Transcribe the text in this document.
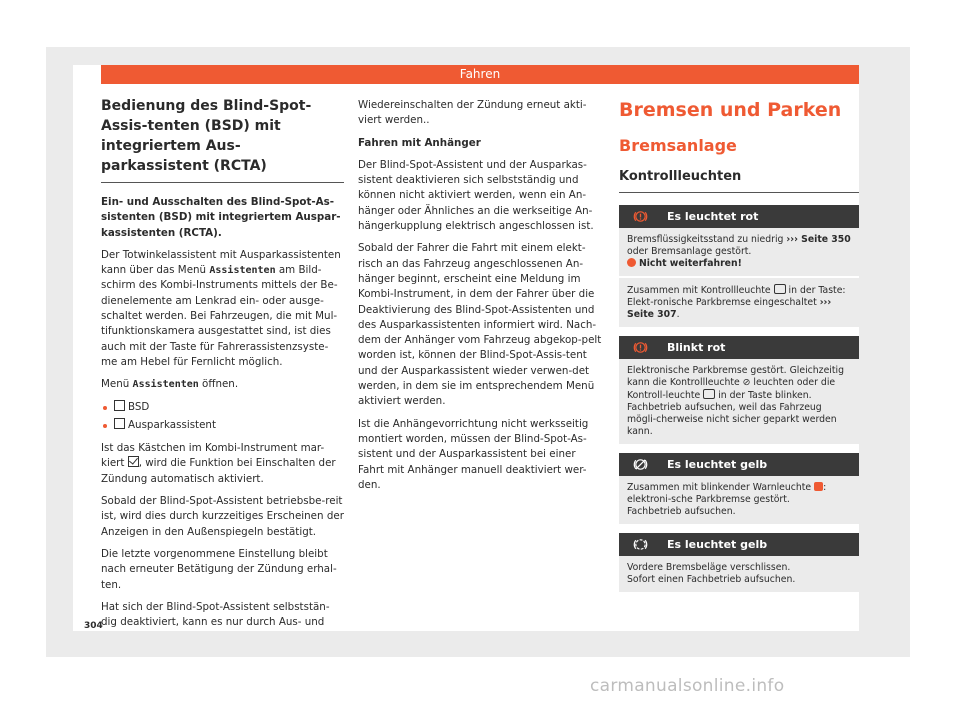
Fahren
Bedienung des Blind-Spot-Assis-tenten (BSD) mit integriertem Aus-parkassistent (RCTA)

Ein- und Ausschalten des Blind-Spot-As-sistenten (BSD) mit integriertem Auspar-kassistenten (RCTA).

Der Totwinkelassistent mit Ausparkassistenten kann über das Menü Assistenten am Bild-schirm des Kombi-Instruments mittels der Be-dienelemente am Lenkrad ein- oder ausge-schaltet werden. Bei Fahrzeugen, die mit Mul-tifunktionskamera ausgestattet sind, ist dies auch mit der Taste für Fahrerassistenzsyste-me am Hebel für Fernlicht möglich.

Menü Assistenten öffnen.

BSD
Ausparkassistent

Ist das Kästchen im Kombi-Instrument mar-kiert , wird die Funktion bei Einschalten der Zündung automatisch aktiviert.

Sobald der Blind-Spot-Assistent betriebsbe-reit ist, wird dies durch kurzzeitiges Erscheinen der Anzeigen in den Außenspiegeln bestätigt.

Die letzte vorgenommene Einstellung bleibt nach erneuter Betätigung der Zündung erhal-ten.

Hat sich der Blind-Spot-Assistent selbststän-dig deaktiviert, kann es nur durch Aus- und

Wiedereinschalten der Zündung erneut akti-viert werden..

Fahren mit Anhänger

Der Blind-Spot-Assistent und der Ausparkas-sistent deaktivieren sich selbstständig und können nicht aktiviert werden, wenn ein An-hänger oder Ähnliches an die werkseitige An-hängerkupplung elektrisch angeschlossen ist.

Sobald der Fahrer die Fahrt mit einem elekt-risch an das Fahrzeug angeschlossenen An-hänger beginnt, erscheint eine Meldung im Kombi-Instrument, in dem der Fahrer über die Deaktivierung des Blind-Spot-Assistenten und des Ausparkassistenten informiert wird. Nach-dem der Anhänger vom Fahrzeug abgekop-pelt worden ist, können der Blind-Spot-Assis-tent und der Ausparkassistent wieder verwen-det werden, in dem sie im entsprechendem Menü aktiviert werden.

Ist die Anhängevorrichtung nicht werksseitig montiert worden, müssen der Blind-Spot-As-sistent und der Ausparkassistent bei einer Fahrt mit Anhänger manuell deaktiviert wer-den.

Bremsen und Parken
Bremsanlage
Kontrollleuchten
Es leuchtet rot
Bremsflüssigkeitsstand zu niedrig ››› Seite 350 oder Bremsanlage gestört.
Nicht weiterfahren!
Zusammen mit Kontrollleuchte  in der Taste: Elekt-ronische Parkbremse eingeschaltet ››› Seite 307.
Blinkt rot
Elektronische Parkbremse gestört. Gleichzeitig kann die Kontrollleuchte ⊘ leuchten oder die Kontroll-leuchte  in der Taste blinken.
Fachbetrieb aufsuchen, weil das Fahrzeug mögli-cherweise nicht sicher geparkt werden kann.
Es leuchtet gelb
Zusammen mit blinkender Warnleuchte : elektroni-sche Parkbremse gestört.
Fachbetrieb aufsuchen.
Es leuchtet gelb
Vordere Bremsbeläge verschlissen.
Sofort einen Fachbetrieb aufsuchen.
304
carmanualsonline.info
